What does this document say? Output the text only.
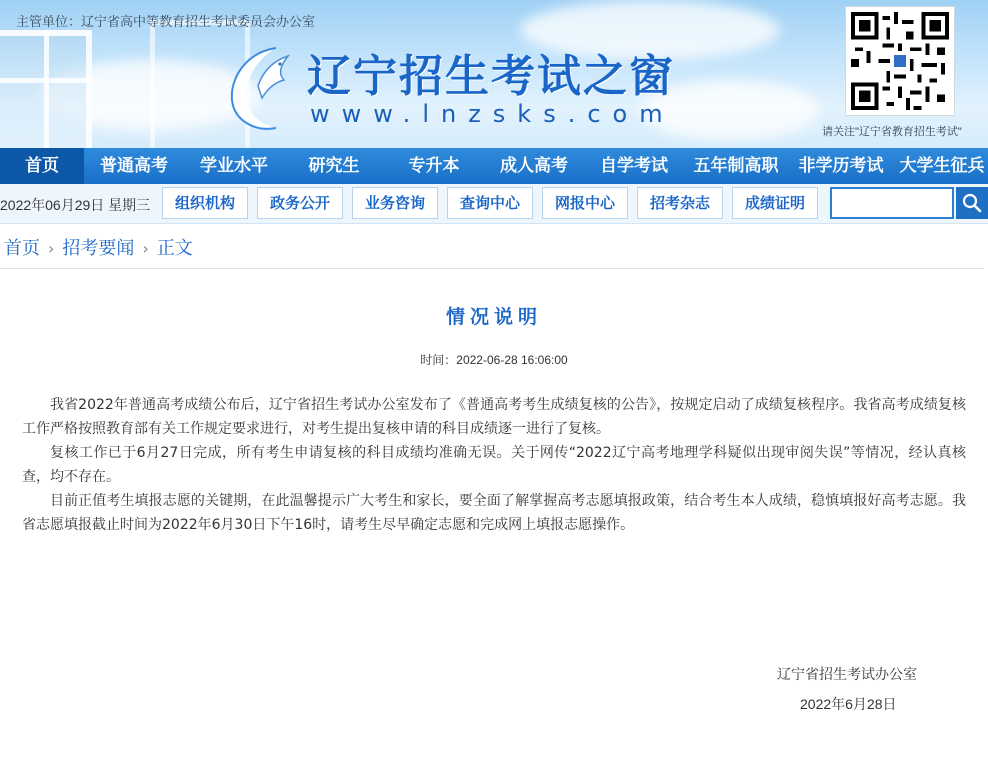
主管单位：辽宁省高中等教育招生考试委员会办公室
辽宁招生考试之窗
www.lnzsks.com
请关注"辽宁省教育招生考试"
首页	普通高考	学业水平	研究生	专升本	成人高考	自学考试	五年制高职	非学历考试 大学生征兵
2022年06月29日 星期三	组织机构	政务公开	业务咨询	查询中心	网报中心	招考杂志	成绩证明
首页 › 招考要闻 › 正文
情况说明
时间：2022-06-28 16:06:00

我省2022年普通高考成绩公布后，辽宁省招生考试办公室发布了《普通高考考生成绩复核的公告》，按规定启动了成绩复核程序。我省高考成绩复核工作严格按照教育部有关工作规定要求进行，对考生提出复核申请的科目成绩逐一进行了复核。

复核工作已于6月27日完成，所有考生申请复核的科目成绩均准确无误。关于网传“2022辽宁高考地理学科疑似出现审阅失误”等情况，经认真核查，均不存在。

目前正值考生填报志愿的关键期，在此温馨提示广大考生和家长，要全面了解掌握高考志愿填报政策，结合考生本人成绩，稳慎填报好高考志愿。我省志愿填报截止时间为2022年6月30日下午16时，请考生尽早确定志愿和完成网上填报志愿操作。

辽宁省招生考试办公室
2022年6月28日
